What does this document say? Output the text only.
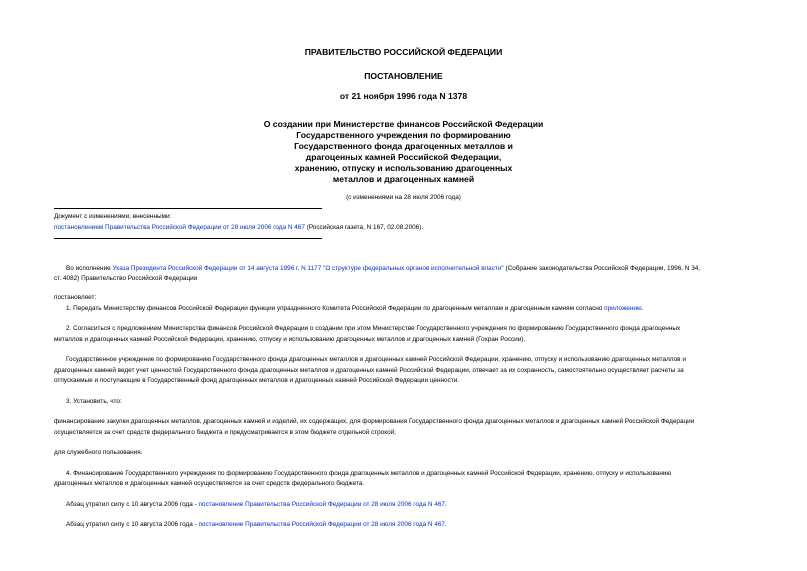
ПРАВИТЕЛЬСТВО РОССИЙСКОЙ ФЕДЕРАЦИИ
ПОСТАНОВЛЕНИЕ
от 21 ноября 1996 года N 1378
О создании при Министерстве финансов Российской Федерации
Государственного учреждения по формированию
Государственного фонда драгоценных металлов и
драгоценных камней Российской Федерации,
хранению, отпуску и использованию драгоценных
металлов и драгоценных камней
(с изменениями на 28 июля 2006 года)
Документ с изменениями, внесенными:
постановлением Правительства Российской Федерации от 28 июля 2006 года N 467 (Российская газета, N 167, 02.08.2006).
Во исполнение Указа Президента Российской Федерации от 14 августа 1996 г. N 1177 "О структуре федеральных органов исполнительной власти" (Собрание законодательства Российской Федерации, 1996, N 34,
ст. 4082) Правительство Российской Федерации
постановляет:
1. Передать Министерству финансов Российской Федерации функции упраздненного Комитета Российской Федерации по драгоценным металлам и драгоценным камням согласно приложению.
2. Согласиться с предложением Министерства финансов Российской Федерации о создании при этом Министерстве Государственного учреждения по формированию Государственного фонда драгоценных
металлов и драгоценных камней Российской Федерации, хранению, отпуску и использованию драгоценных металлов и драгоценных камней (Гохран России).
Государственное учреждение по формированию Государственного фонда драгоценных металлов и драгоценных камней Российской Федерации, хранению, отпуску и использованию драгоценных металлов и
драгоценных камней ведет учет ценностей Государственного фонда драгоценных металлов и драгоценных камней Российской Федерации, отвечает за их сохранность, самостоятельно осуществляет расчеты за
отпускаемые и поступающие в Государственный фонд драгоценных металлов и драгоценных камней Российской Федерации ценности.
3. Установить, что:
финансирование закупки драгоценных металлов, драгоценных камней и изделий, их содержащих, для формирования Государственного фонда драгоценных металлов и драгоценных камней Российской Федерации
осуществляется за счет средств федерального бюджета и предусматривается в этом бюджете отдельной строкой;
для служебного пользования.
4. Финансирование Государственного учреждения по формированию Государственного фонда драгоценных металлов и драгоценных камней Российской Федерации, хранению, отпуску и использованию
драгоценных металлов и драгоценных камней осуществляется за счет средств федерального бюджета.
Абзац утратил силу с 10 августа 2006 года - постановление Правительства Российской Федерации от 28 июля 2006 года N 467.
Абзац утратил силу с 10 августа 2006 года - постановление Правительства Российской Федерации от 28 июля 2006 года N 467.
